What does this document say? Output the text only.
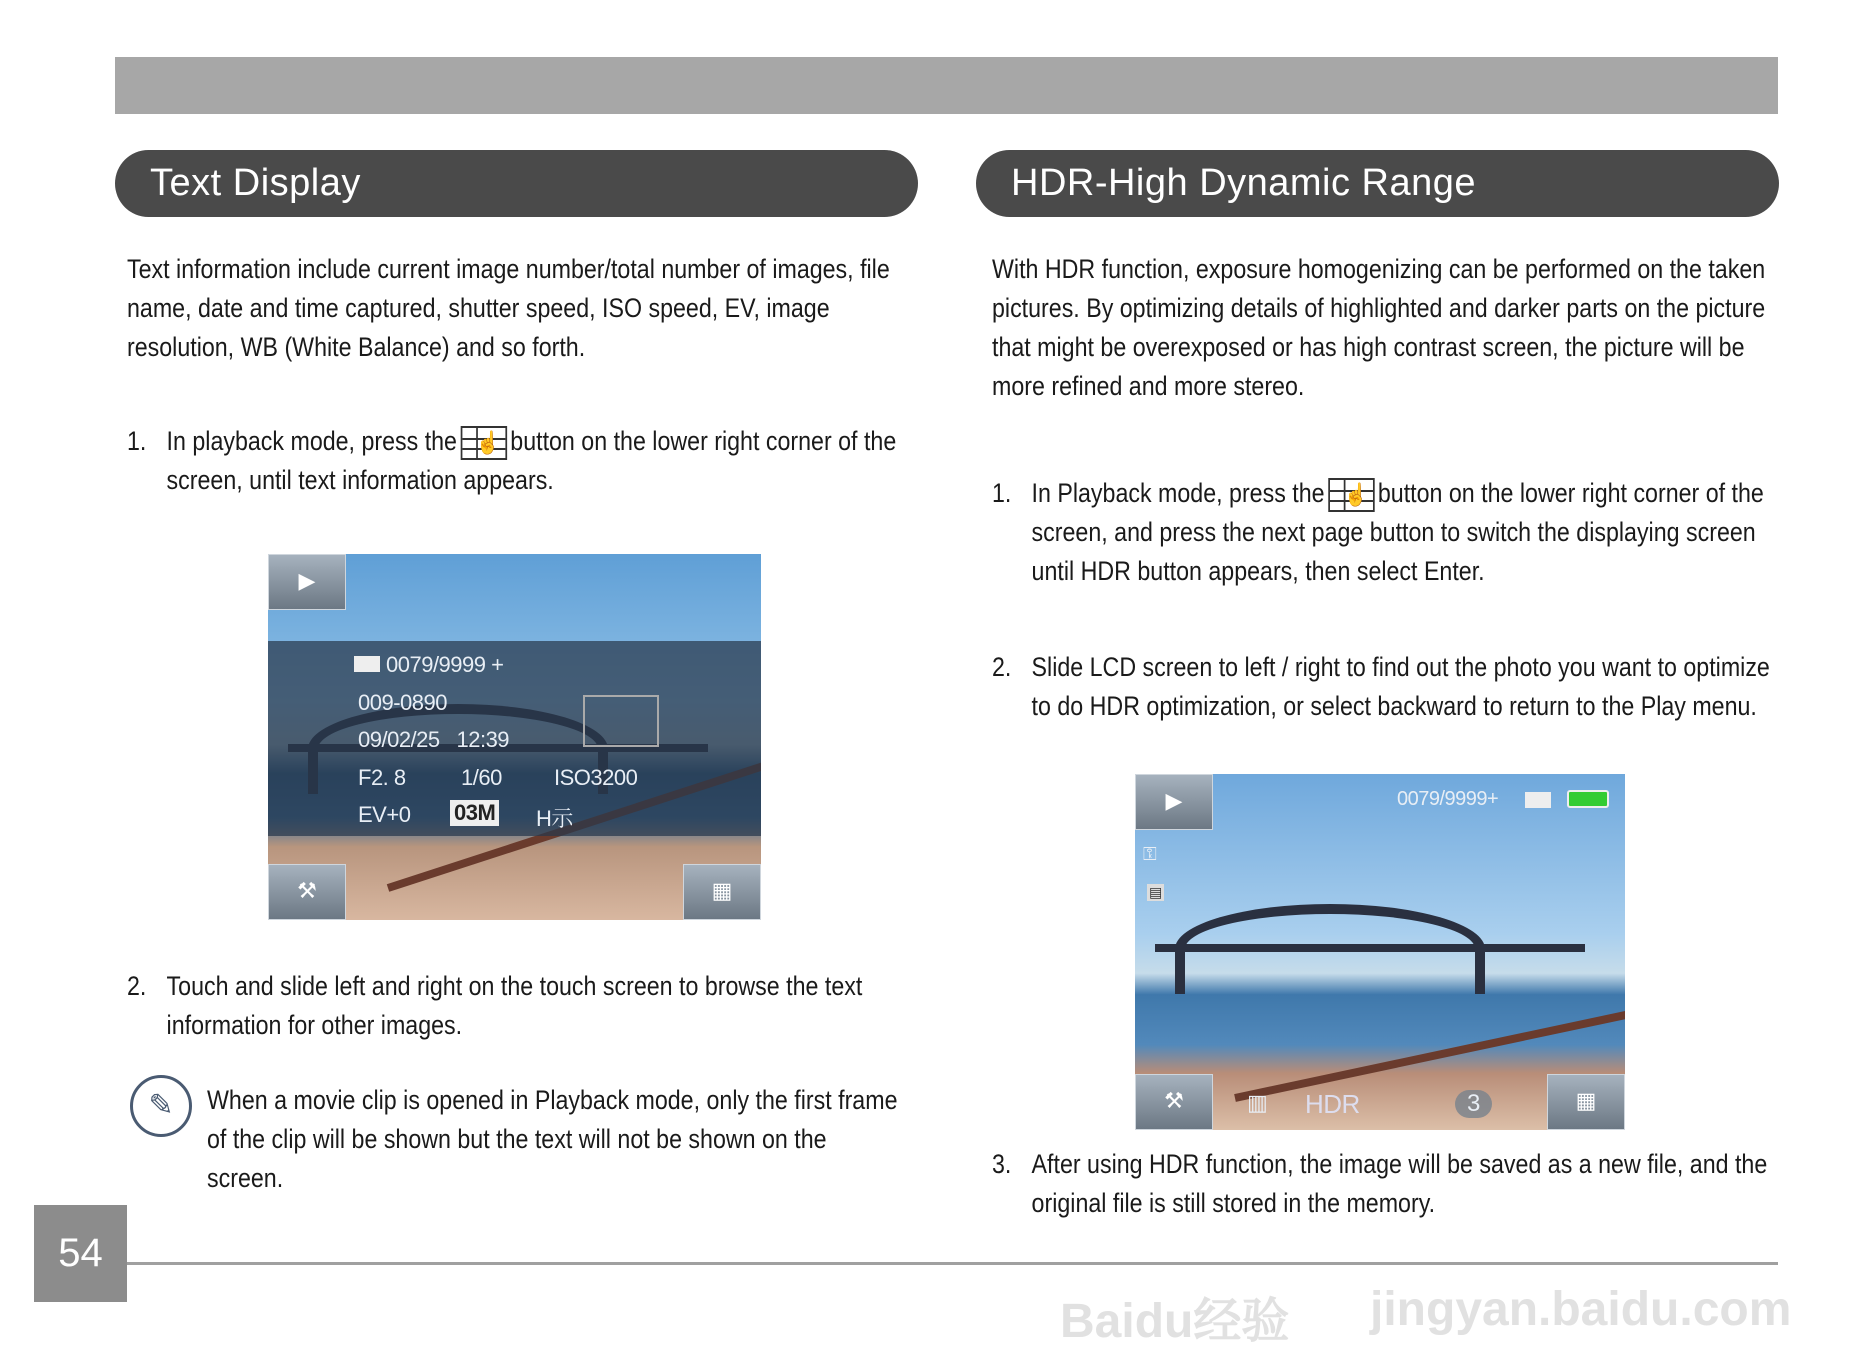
Text Display	HDR-High Dynamic Range
Text information include current image number/total number of images, file name, date and time captured, shutter speed, ISO speed, EV, image resolution, WB (White Balance) and so forth.
1. In playback mode, press the ☝ button on the lower right corner of the screen, until text information appears.
2. Touch and slide left and right on the touch screen to browse the text information for other images.
✎	When a movie clip is opened in Playback mode, only the first frame of the clip will be shown but the text will not be shown on the screen.
0079/9999 +
009-0890
09/02/25 12:39
F2. 8	1/60 ISO3200
EV+0 03M H示
▶
⚒	▦
With HDR function, exposure homogenizing can be performed on the taken pictures. By optimizing details of highlighted and darker parts on the picture that might be overexposed or has high contrast screen, the picture will be more refined and more stereo.
1. In Playback mode, press the ☝ button on the lower right corner of the screen, and press the next page button to switch the displaying screen until HDR button appears, then select Enter.
2. Slide LCD screen to left / right to find out the photo you want to optimize to do HDR optimization, or select backward to return to the Play menu.
3. After using HDR function, the image will be saved as a new file, and the original file is still stored in the memory.
0079/9999+
⚿
▤
▶
⚒	▥ HDR	3	▦
54
Baidu经验 jingyan.baidu.com
